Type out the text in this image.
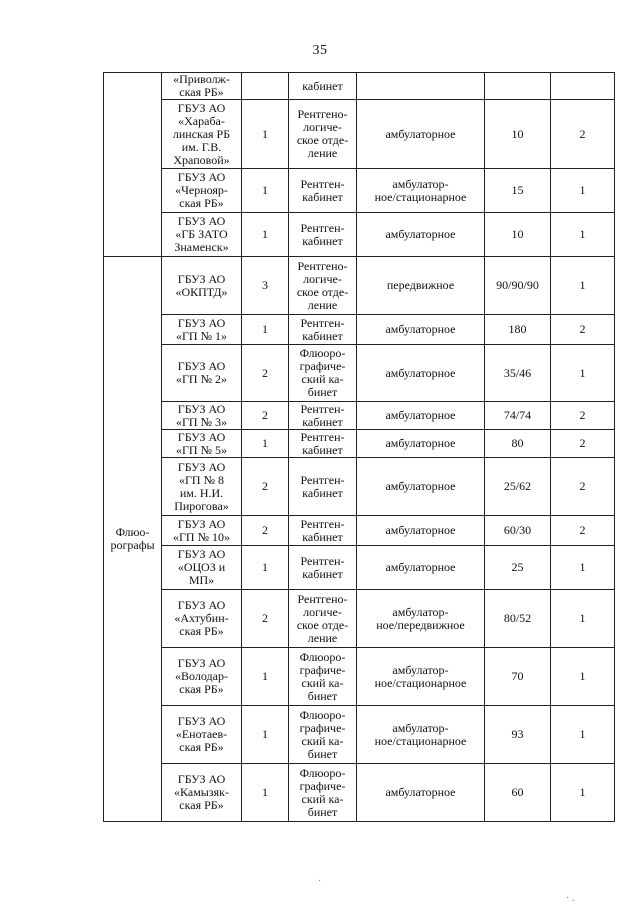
35
	«Приволж-
ская РБ»		кабинет			
	ГБУЗ АО
«Хараба-
линская РБ
им. Г.В.
Храповой»	1	Рентгено-
логиче-
ское отде-
ление	амбулаторное	10	2
	ГБУЗ АО
«Чернояр-
ская РБ»	1	Рентген-
кабинет	амбулатор-
ное/стационарное	15	1
	ГБУЗ АО
«ГБ ЗАТО
Знаменск»	1	Рентген-
кабинет	амбулаторное	10	1
Флюо-
рографы	ГБУЗ АО
«ОКПТД»	3	Рентгено-
логиче-
ское отде-
ление	передвижное	90/90/90	1
	ГБУЗ АО
«ГП № 1»	1	Рентген-
кабинет	амбулаторное	180	2
	ГБУЗ АО
«ГП № 2»	2	Флюоро-
графиче-
ский ка-
бинет	амбулаторное	35/46	1
	ГБУЗ АО
«ГП № 3»	2	Рентген-
кабинет	амбулаторное	74/74	2
	ГБУЗ АО
«ГП № 5»	1	Рентген-
кабинет	амбулаторное	80	2
	ГБУЗ АО
«ГП № 8
им. Н.И.
Пирогова»	2	Рентген-
кабинет	амбулаторное	25/62	2
	ГБУЗ АО
«ГП № 10»	2	Рентген-
кабинет	амбулаторное	60/30	2
	ГБУЗ АО
«ОЦОЗ и
МП»	1	Рентген-
кабинет	амбулаторное	25	1
	ГБУЗ АО
«Ахтубин-
ская РБ»	2	Рентгено-
логиче-
ское отде-
ление	амбулатор-
ное/передвижное	80/52	1
	ГБУЗ АО
«Володар-
ская РБ»	1	Флюоро-
графиче-
ский ка-
бинет	амбулатор-
ное/стационарное	70	1
	ГБУЗ АО
«Енотаев-
ская РБ»	1	Флюоро-
графиче-
ский ка-
бинет	амбулатор-
ное/стационарное	93	1
	ГБУЗ АО
«Камызяк-
ская РБ»	1	Флюоро-
графиче-
ский ка-
бинет	амбулаторное	60	1
·
· .
